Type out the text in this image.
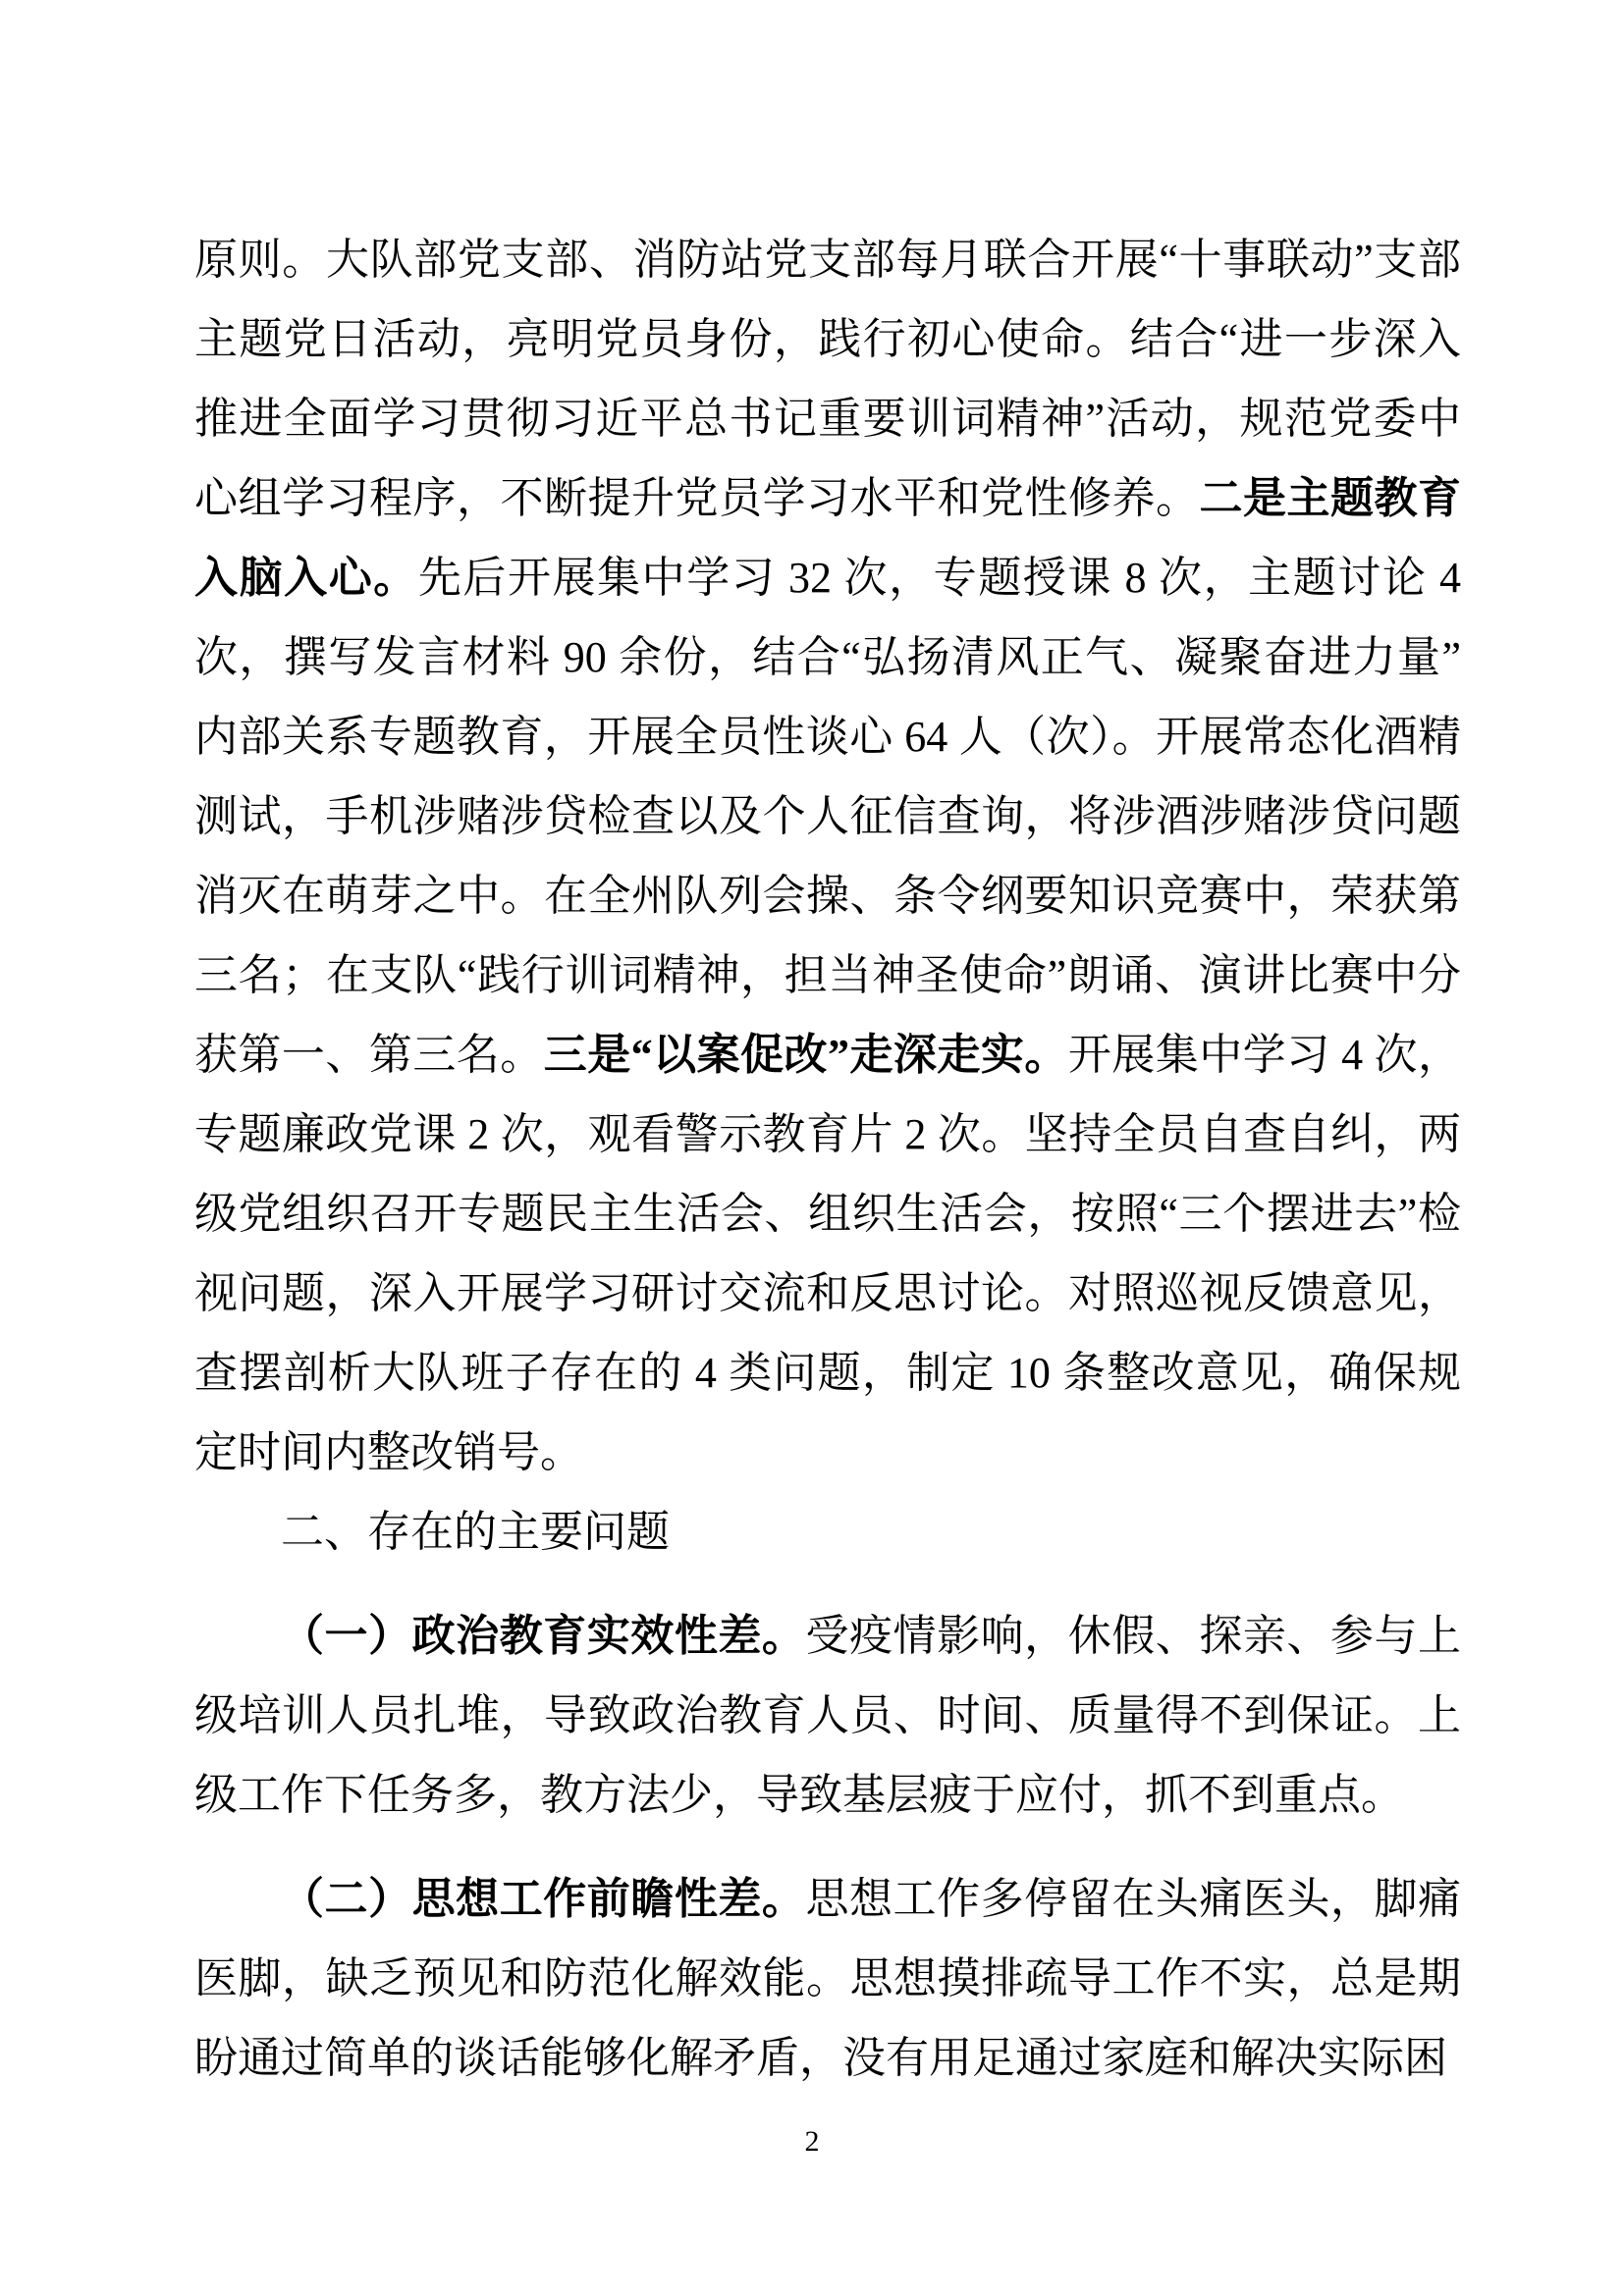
原则。大队部党支部、消防站党支部每月联合开展“十事联动”支部主题党日活动，亮明党员身份，践行初心使命。结合“进一步深入推进全面学习贯彻习近平总书记重要训词精神”活动，规范党委中心组学习程序，不断提升党员学习水平和党性修养。二是主题教育入脑入心。先后开展集中学习 32 次，专题授课 8 次，主题讨论 4 次，撰写发言材料 90 余份，结合“弘扬清风正气、凝聚奋进力量”内部关系专题教育，开展全员性谈心 64 人（次）。开展常态化酒精测试，手机涉赌涉贷检查以及个人征信查询，将涉酒涉赌涉贷问题消灭在萌芽之中。在全州队列会操、条令纲要知识竞赛中，荣获第三名；在支队“践行训词精神，担当神圣使命”朗诵、演讲比赛中分获第一、第三名。三是“以案促改”走深走实。开展集中学习 4 次，专题廉政党课 2 次，观看警示教育片 2 次。坚持全员自查自纠，两级党组织召开专题民主生活会、组织生活会，按照“三个摆进去”检视问题，深入开展学习研讨交流和反思讨论。对照巡视反馈意见，查摆剖析大队班子存在的 4 类问题，制定 10 条整改意见，确保规定时间内整改销号。

二、存在的主要问题

（一）政治教育实效性差。受疫情影响，休假、探亲、参与上级培训人员扎堆，导致政治教育人员、时间、质量得不到保证。上级工作下任务多，教方法少，导致基层疲于应付，抓不到重点。

（二）思想工作前瞻性差。思想工作多停留在头痛医头，脚痛医脚，缺乏预见和防范化解效能。思想摸排疏导工作不实，总是期盼通过简单的谈话能够化解矛盾，没有用足通过家庭和解决实际困

2
